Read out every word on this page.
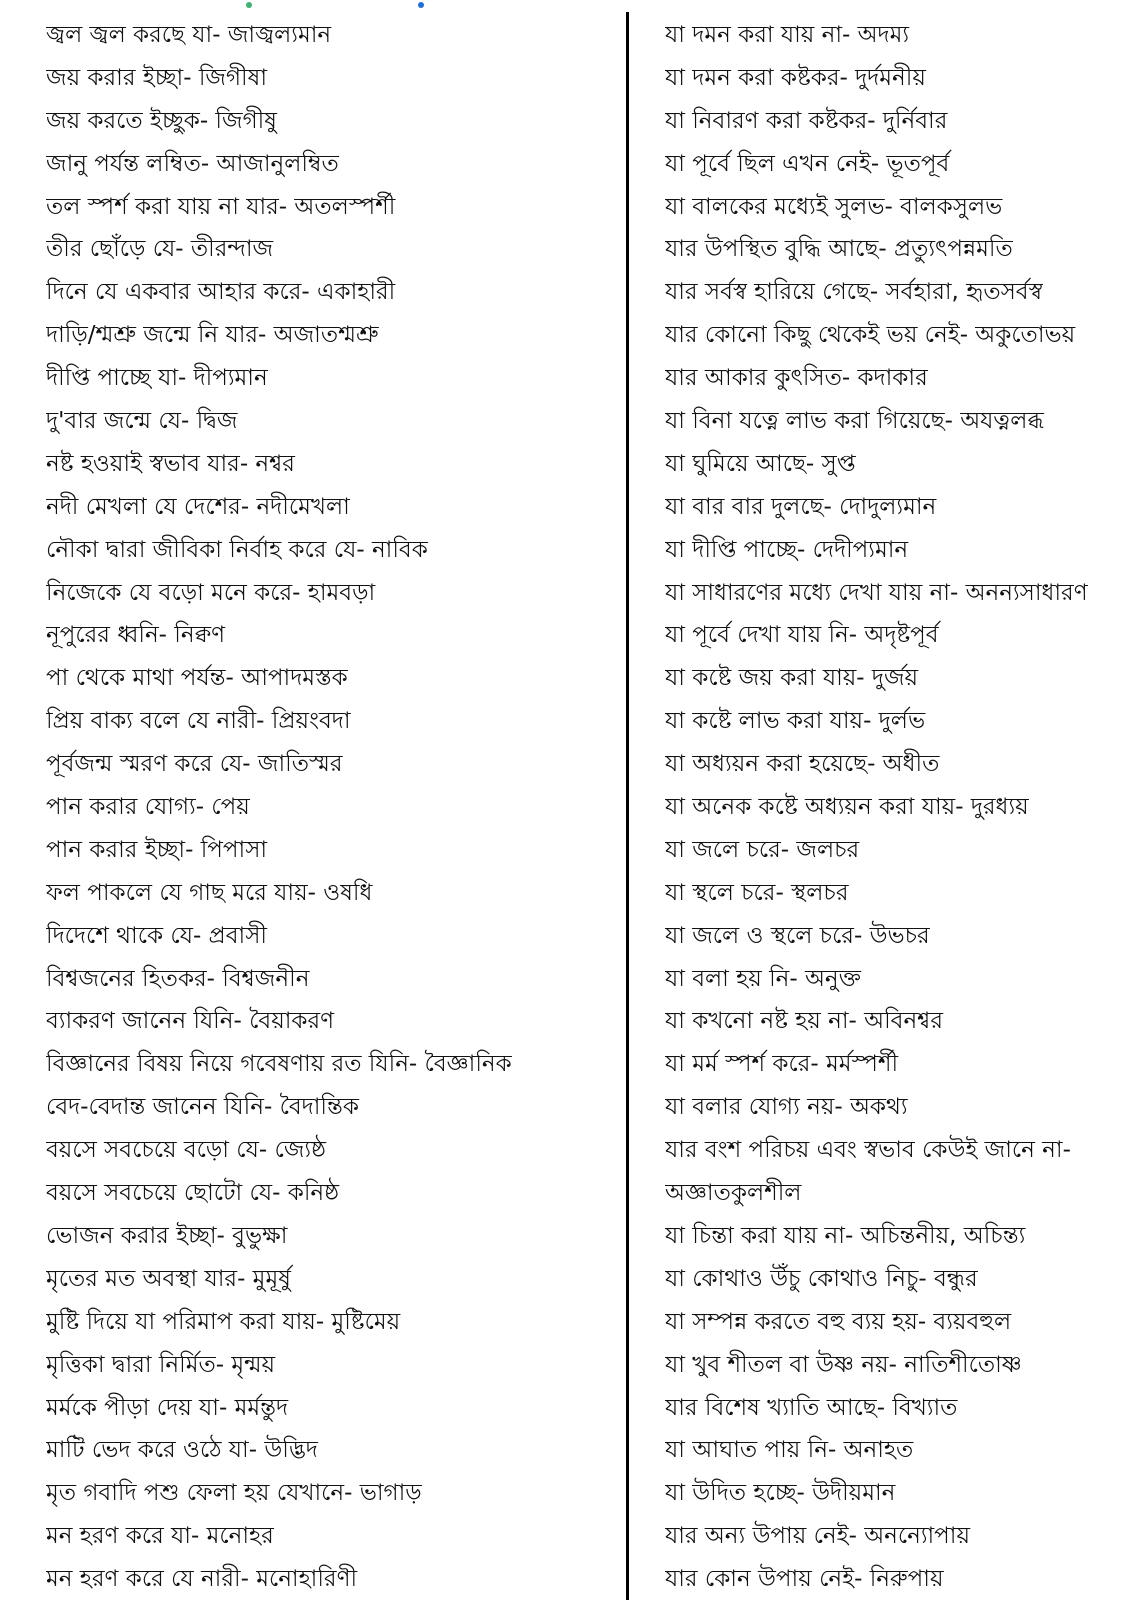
জ্বল জ্বল করছে যা- জাজ্বল্যমান
জয় করার ইচ্ছা- জিগীষা
জয় করতে ইচ্ছুক- জিগীষু
জানু পর্যন্ত লম্বিত- আজানুলম্বিত
তল স্পর্শ করা যায় না যার- অতলস্পর্শী
তীর ছোঁড়ে যে- তীরন্দাজ
দিনে যে একবার আহার করে- একাহারী
দাড়ি/শ্মশ্রু জন্মে নি যার- অজাতশ্মশ্রু
দীপ্তি পাচ্ছে যা- দীপ্যমান
দু'বার জন্মে যে- দ্বিজ
নষ্ট হওয়াই স্বভাব যার- নশ্বর
নদী মেখলা যে দেশের- নদীমেখলা
নৌকা দ্বারা জীবিকা নির্বাহ করে যে- নাবিক
নিজেকে যে বড়ো মনে করে- হামবড়া
নূপুরের ধ্বনি- নিক্বণ
পা থেকে মাথা পর্যন্ত- আপাদমস্তক
প্রিয় বাক্য বলে যে নারী- প্রিয়ংবদা
পূর্বজন্ম স্মরণ করে যে- জাতিস্মর
পান করার যোগ্য- পেয়
পান করার ইচ্ছা- পিপাসা
ফল পাকলে যে গাছ মরে যায়- ওষধি
দিদেশে থাকে যে- প্রবাসী
বিশ্বজনের হিতকর- বিশ্বজনীন
ব্যাকরণ জানেন যিনি- বৈয়াকরণ
বিজ্ঞানের বিষয় নিয়ে গবেষণায় রত যিনি- বৈজ্ঞানিক
বেদ-বেদান্ত জানেন যিনি- বৈদান্তিক
বয়সে সবচেয়ে বড়ো যে- জ্যেষ্ঠ
বয়সে সবচেয়ে ছোটো যে- কনিষ্ঠ
ভোজন করার ইচ্ছা- বুভুক্ষা
মৃতের মত অবস্থা যার- মুমূর্ষু
মুষ্টি দিয়ে যা পরিমাপ করা যায়- মুষ্টিমেয়
মৃত্তিকা দ্বারা নির্মিত- মৃন্ময়
মর্মকে পীড়া দেয় যা- মর্মন্তুদ
মাটি ভেদ করে ওঠে যা- উদ্ভিদ
মৃত গবাদি পশু ফেলা হয় যেখানে- ভাগাড়
মন হরণ করে যা- মনোহর
মন হরণ করে যে নারী- মনোহারিণী
যা দমন করা যায় না- অদম্য
যা দমন করা কষ্টকর- দুর্দমনীয়
যা নিবারণ করা কষ্টকর- দুর্নিবার
যা পূর্বে ছিল এখন নেই- ভূতপূর্ব
যা বালকের মধ্যেই সুলভ- বালকসুলভ
যার উপস্থিত বুদ্ধি আছে- প্রত্যুৎপন্নমতি
যার সর্বস্ব হারিয়ে গেছে- সর্বহারা, হৃতসর্বস্ব
যার কোনো কিছু থেকেই ভয় নেই- অকুতোভয়
যার আকার কুৎসিত- কদাকার
যা বিনা যত্নে লাভ করা গিয়েছে- অযত্নলব্ধ
যা ঘুমিয়ে আছে- সুপ্ত
যা বার বার দুলছে- দোদুল্যমান
যা দীপ্তি পাচ্ছে- দেদীপ্যমান
যা সাধারণের মধ্যে দেখা যায় না- অনন্যসাধারণ
যা পূর্বে দেখা যায় নি- অদৃষ্টপূর্ব
যা কষ্টে জয় করা যায়- দুর্জয়
যা কষ্টে লাভ করা যায়- দুর্লভ
যা অধ্যয়ন করা হয়েছে- অধীত
যা অনেক কষ্টে অধ্যয়ন করা যায়- দুরধ্যয়
যা জলে চরে- জলচর
যা স্থলে চরে- স্থলচর
যা জলে ও স্থলে চরে- উভচর
যা বলা হয় নি- অনুক্ত
যা কখনো নষ্ট হয় না- অবিনশ্বর
যা মর্ম স্পর্শ করে- মর্মস্পর্শী
যা বলার যোগ্য নয়- অকথ্য
যার বংশ পরিচয় এবং স্বভাব কেউই জানে না-
অজ্ঞাতকুলশীল
যা চিন্তা করা যায় না- অচিন্তনীয়, অচিন্ত্য
যা কোথাও উঁচু কোথাও নিচু- বন্ধুর
যা সম্পন্ন করতে বহু ব্যয় হয়- ব্যয়বহুল
যা খুব শীতল বা উষ্ণ নয়- নাতিশীতোষ্ণ
যার বিশেষ খ্যাতি আছে- বিখ্যাত
যা আঘাত পায় নি- অনাহত
যা উদিত হচ্ছে- উদীয়মান
যার অন্য উপায় নেই- অনন্যোপায়
যার কোন উপায় নেই- নিরুপায়
